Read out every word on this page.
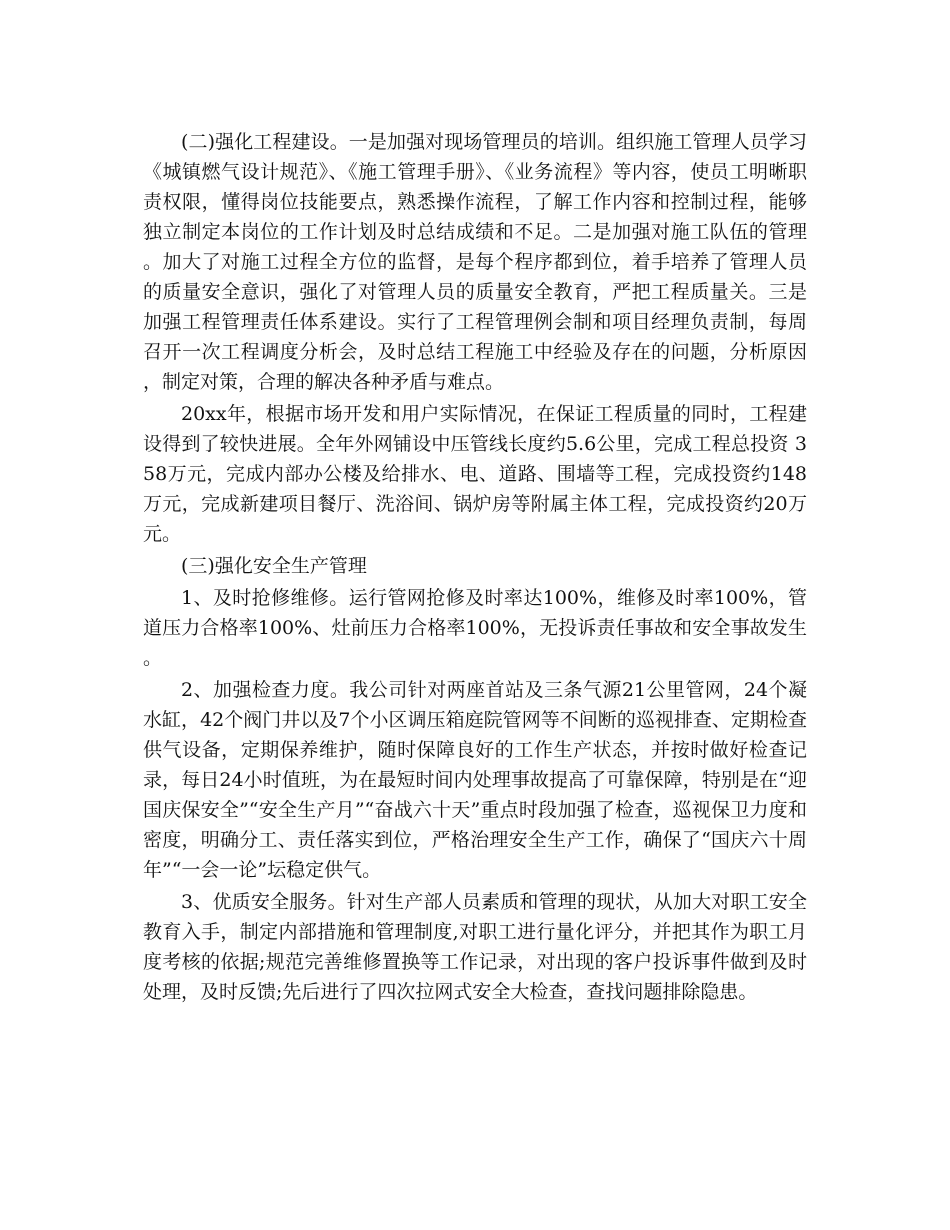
(二)强化工程建设。一是加强对现场管理员的培训。组织施工管理人员学习《城镇燃气设计规范》、《施工管理手册》、《业务流程》等内容，使员工明晰职责权限，懂得岗位技能要点，熟悉操作流程，了解工作内容和控制过程，能够独立制定本岗位的工作计划及时总结成绩和不足。二是加强对施工队伍的管理。加大了对施工过程全方位的监督，是每个程序都到位，着手培养了管理人员的质量安全意识，强化了对管理人员的质量安全教育，严把工程质量关。三是加强工程管理责任体系建设。实行了工程管理例会制和项目经理负责制，每周召开一次工程调度分析会，及时总结工程施工中经验及存在的问题，分析原因，制定对策，合理的解决各种矛盾与难点。

20xx年，根据市场开发和用户实际情况，在保证工程质量的同时，工程建设得到了较快进展。全年外网铺设中压管线长度约5.6公里，完成工程总投资 358万元，完成内部办公楼及给排水、电、道路、围墙等工程，完成投资约148万元，完成新建项目餐厅、洗浴间、锅炉房等附属主体工程，完成投资约20万元。

(三)强化安全生产管理

1、及时抢修维修。运行管网抢修及时率达100%，维修及时率100%，管道压力合格率100%、灶前压力合格率100%，无投诉责任事故和安全事故发生。

2、加强检查力度。我公司针对两座首站及三条气源21公里管网，24个凝水缸，42个阀门井以及7个小区调压箱庭院管网等不间断的巡视排查、定期检查供气设备，定期保养维护，随时保障良好的工作生产状态，并按时做好检查记录，每日24小时值班，为在最短时间内处理事故提高了可靠保障，特别是在“迎国庆保安全”“安全生产月”“奋战六十天”重点时段加强了检查，巡视保卫力度和密度，明确分工、责任落实到位，严格治理安全生产工作，确保了“国庆六十周年”“一会一论”坛稳定供气。

3、优质安全服务。针对生产部人员素质和管理的现状，从加大对职工安全教育入手，制定内部措施和管理制度,对职工进行量化评分，并把其作为职工月度考核的依据;规范完善维修置换等工作记录，对出现的客户投诉事件做到及时处理，及时反馈;先后进行了四次拉网式安全大检查，查找问题排除隐患。
